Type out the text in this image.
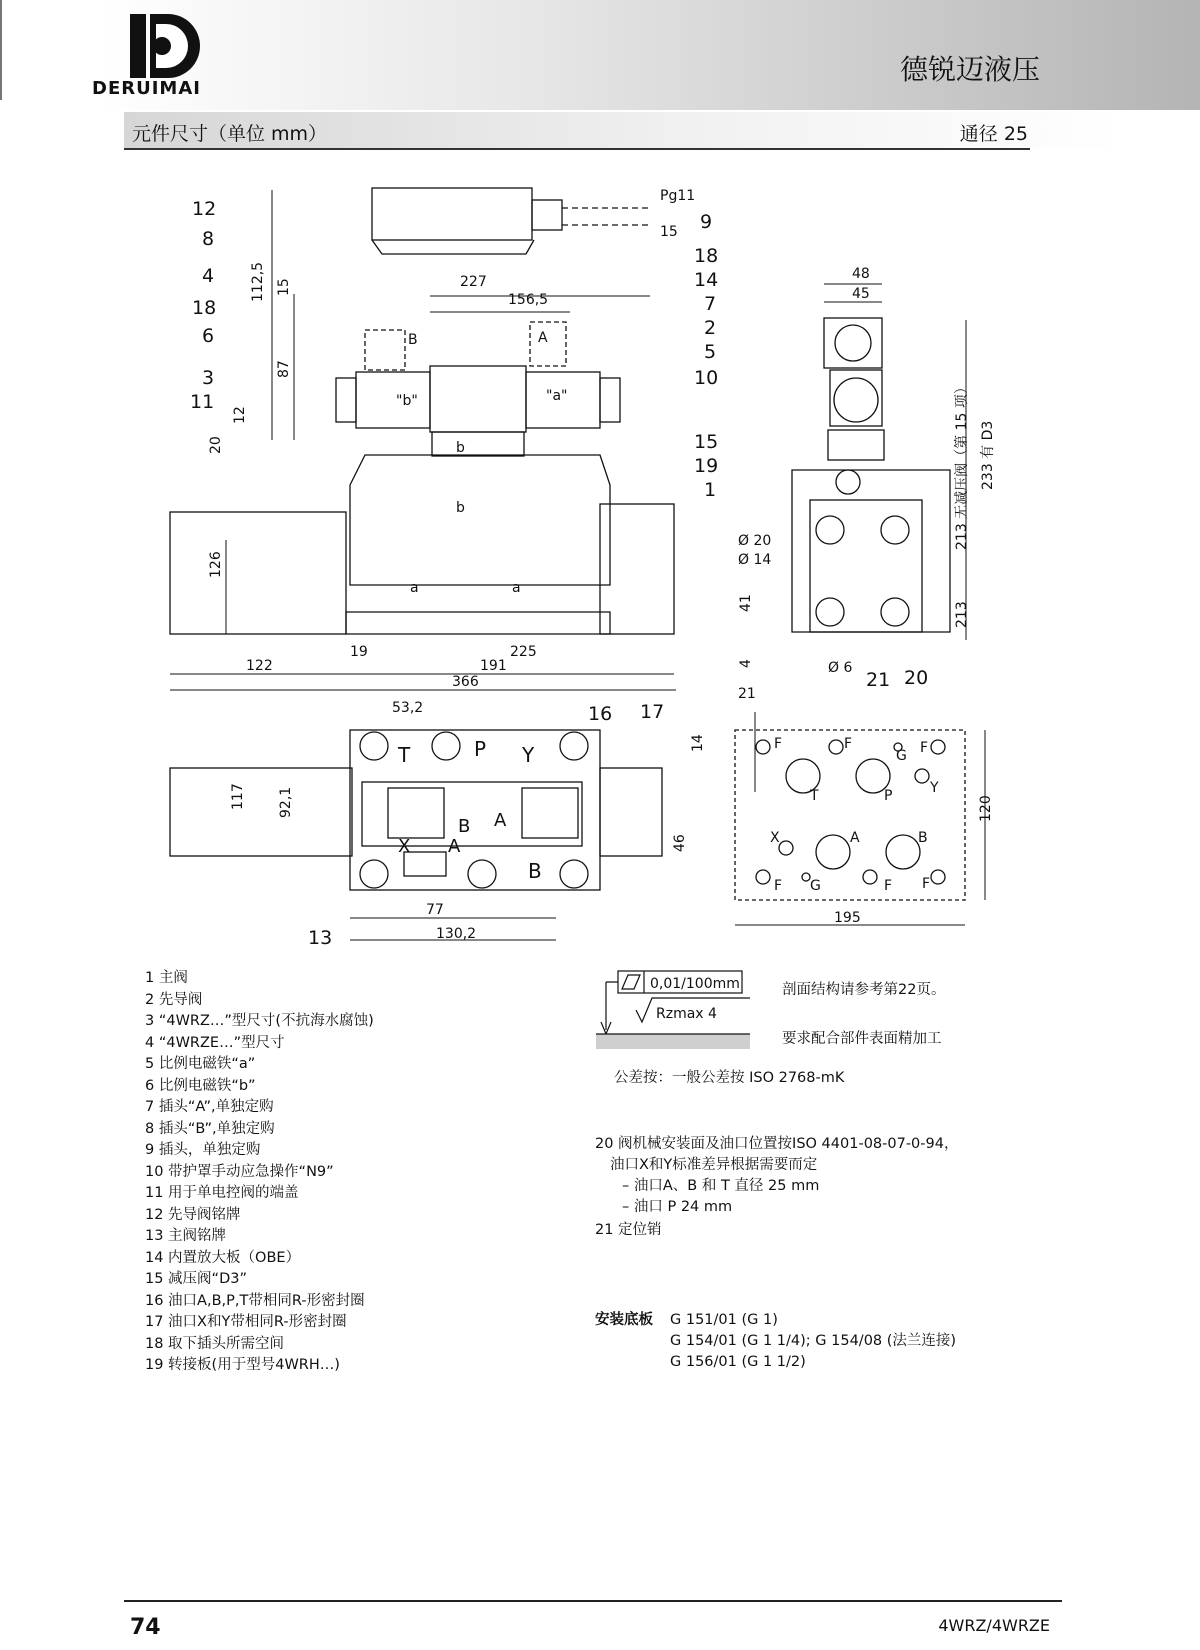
DERUIMAI
德锐迈液压
元件尺寸（单位 mm）	通径 25
12
8
4
18
6
3
11
Pg11
9
15
18
14
7
2
5
10
15
19
1
16 17
13
21 20
227
156,5
112,5 15
87
12
20
126
19	225
122	191
366
48
45
213 无减压阀（第 15 项） 233 有 D3
213
41
4
Ø 20
Ø 14
Ø 6
53,2
117 92,1
46
77
130,2
21
14
120
195
"b"	"a"
B	A
b
b
a	a
T	P Y
B A
X A
B
T	P	Y
X	A	B
F	F
G F
F G	F F
0,01/100mm
Rzmax 4
1 主阀
2 先导阀
3 “4WRZ…”型尺寸(不抗海水腐蚀)
4 “4WRZE…”型尺寸
5 比例电磁铁“a”
6 比例电磁铁“b”
7 插头“A”,单独定购
8 插头“B”,单独定购
9 插头，单独定购
10 带护罩手动应急操作“N9”
11 用于单电控阀的端盖
12 先导阀铭牌
13 主阀铭牌
14 内置放大板（OBE）
15 减压阀“D3”
16 油口A,B,P,T带相同R-形密封圈
17 油口X和Y带相同R-形密封圈
18 取下插头所需空间
19 转接板(用于型号4WRH…)
剖面结构请参考第22页。
要求配合部件表面精加工
公差按：一般公差按 ISO 2768-mK
20 阀机械安装面及油口位置按ISO 4401-08-07-0-94，
油口X和Y标准差异根据需要而定
– 油口A、B 和 T 直径 25 mm
– 油口 P 24 mm
21 定位销
安装底板 G 151/01 (G 1)
G 154/01 (G 1 1/4); G 154/08 (法兰连接)
G 156/01 (G 1 1/2)
74	4WRZ/4WRZE
